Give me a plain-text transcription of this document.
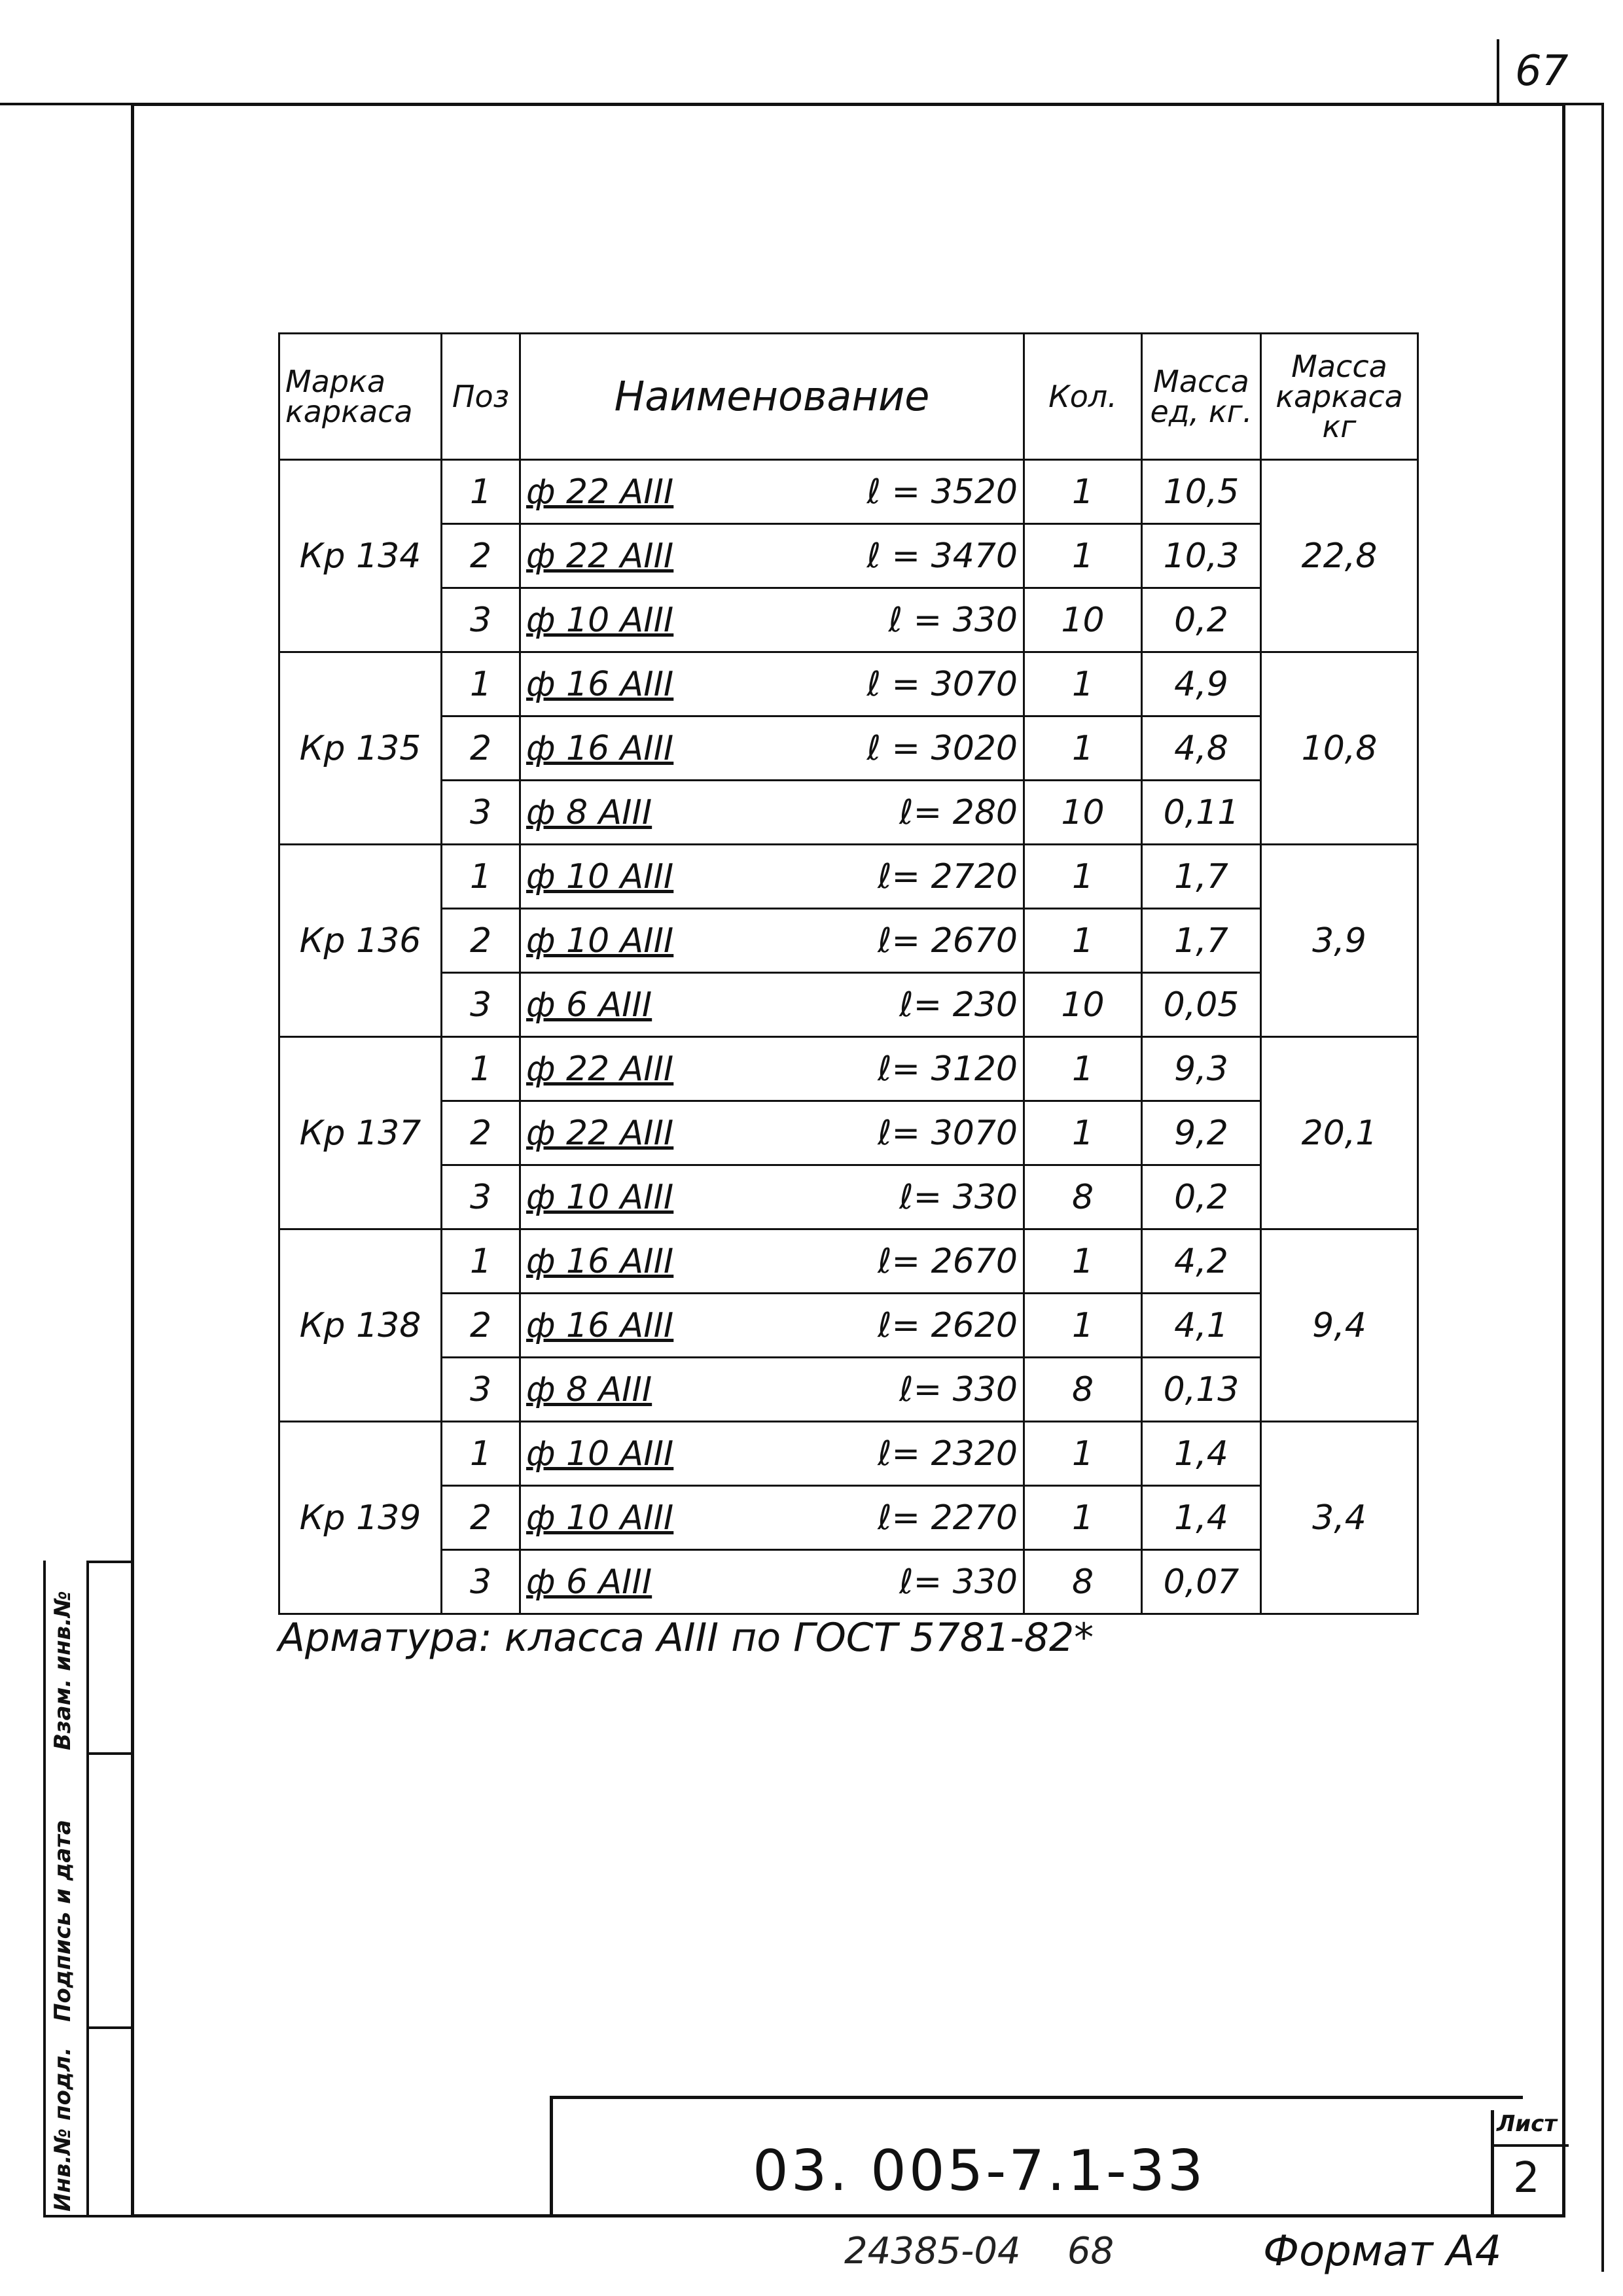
67
Взам. инв.№
Подпись и дата
Инв.№ подл.
Марка каркаса	Поз	Наименование	Кол.	Масса ед, кг.	Масса каркаса кг
Кр 134	1	ф 22 АIII ℓ = 3520	1	10,5	22,8
	2	ф 22 АIII ℓ = 3470	1	10,3	
	3	ф 10 АIII ℓ = 330	10	0,2	
Кр 135	1	ф 16 АIII ℓ = 3070	1	4,9	10,8
	2	ф 16 АIII ℓ = 3020	1	4,8	
	3	ф 8 АIII ℓ= 280	10	0,11	
Кр 136	1	ф 10 АIII ℓ= 2720	1	1,7	3,9
	2	ф 10 АIII ℓ= 2670	1	1,7	
	3	ф 6 АIII ℓ= 230	10	0,05	
Кр 137	1	ф 22 АIII ℓ= 3120	1	9,3	20,1
	2	ф 22 АIII ℓ= 3070	1	9,2	
	3	ф 10 АIII ℓ= 330	8	0,2	
Кр 138	1	ф 16 АIII ℓ= 2670	1	4,2	9,4
	2	ф 16 АIII ℓ= 2620	1	4,1	
	3	ф 8 АIII ℓ= 330	8	0,13	
Кр 139	1	ф 10 АIII ℓ= 2320	1	1,4	3,4
	2	ф 10 АIII ℓ= 2270	1	1,4	
	3	ф 6 АIII ℓ= 330	8	0,07	
Арматура: класса АIII по ГОСТ 5781-82*
03. 005-7.1-33
Лист
2
24385-04 68	Формат А4
